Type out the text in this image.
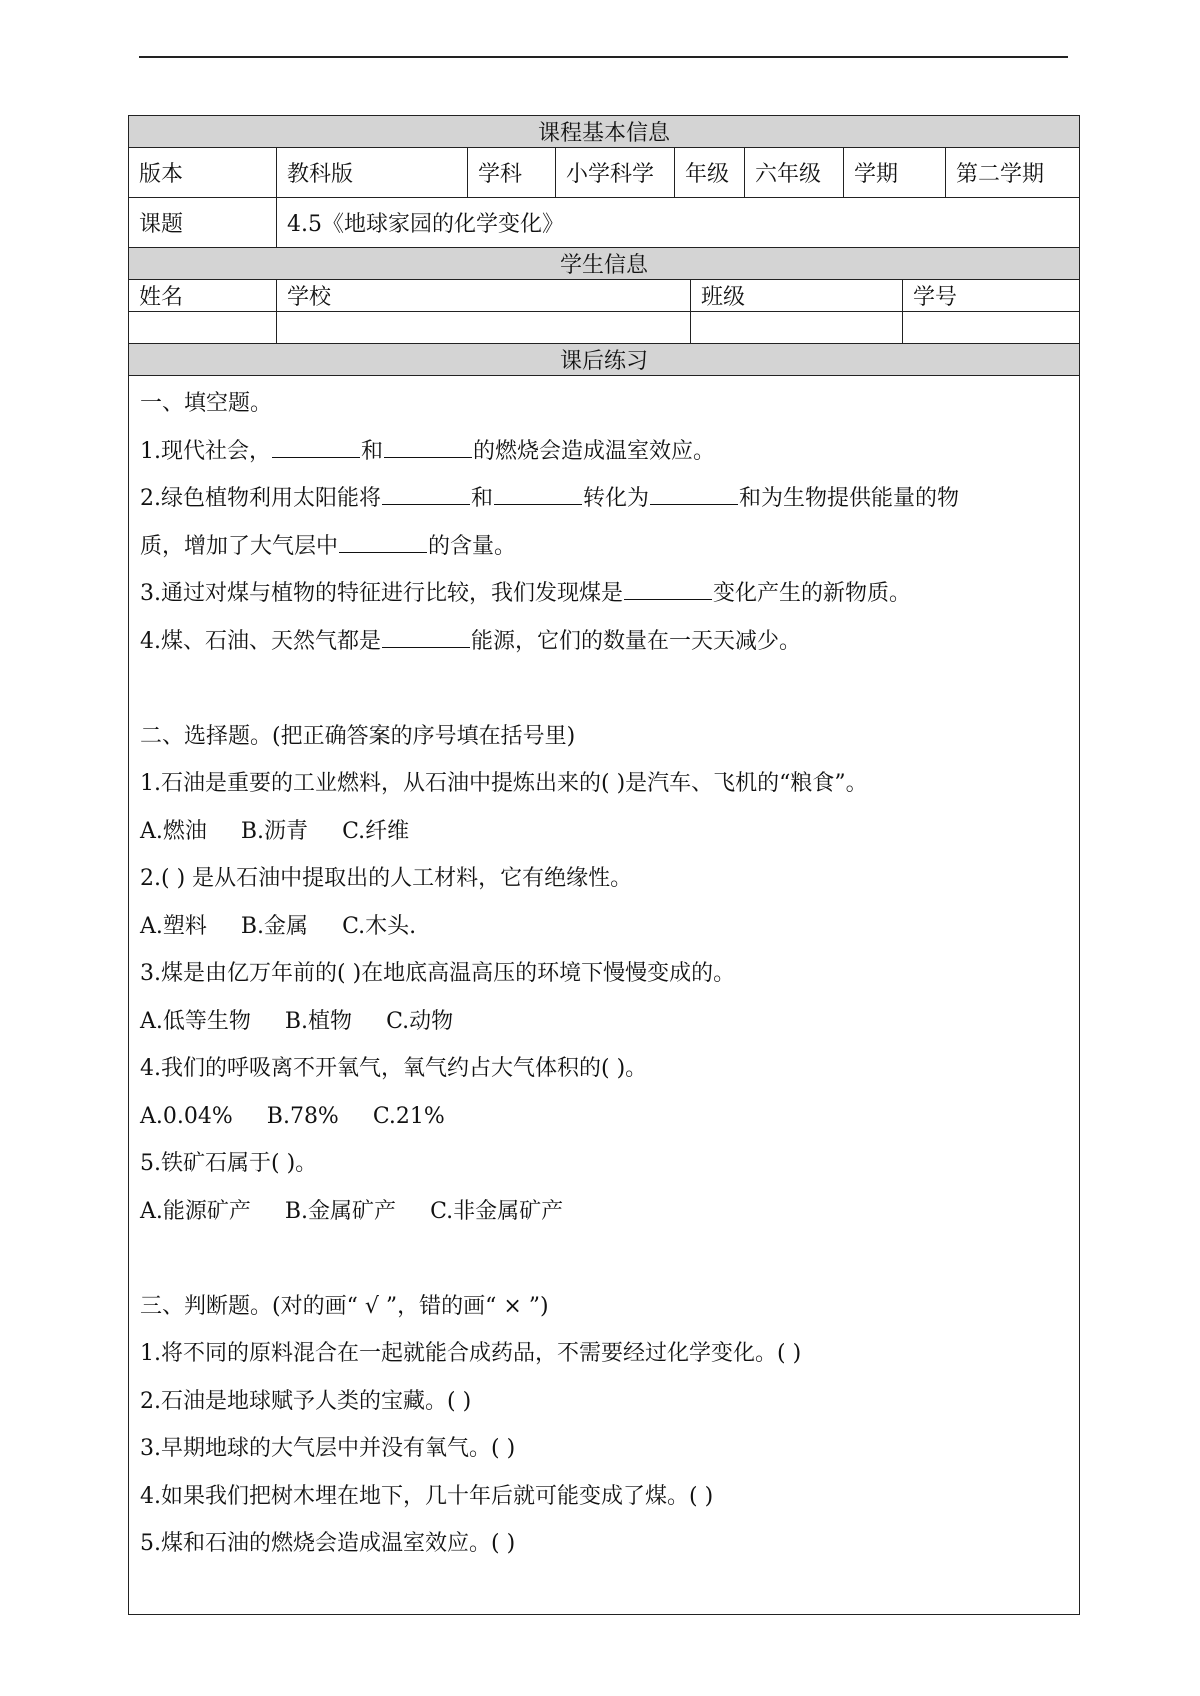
课程基本信息
版本	教科版	学科	小学科学	年级	六年级	学期	第二学期
课题	4.5《地球家园的化学变化》
学生信息
姓名	学校	班级	学号
课后练习
一、填空题。
1.现代社会，	和	的燃烧会造成温室效应。
2.绿色植物利用太阳能将	和	转化为	和为生物提供能量的物
质，增加了大气层中	的含量。
3.通过对煤与植物的特征进行比较，我们发现煤是	变化产生的新物质。
4.煤、石油、天然气都是	能源，它们的数量在一天天减少。
二、选择题。(把正确答案的序号填在括号里)
1.石油是重要的工业燃料，从石油中提炼出来的( )是汽车、飞机的“粮食”。
A.燃油 B.沥青 C.纤维
2.( ) 是从石油中提取出的人工材料，它有绝缘性。
A.塑料 B.金属 C.木头.
3.煤是由亿万年前的( )在地底高温高压的环境下慢慢变成的。
A.低等生物 B.植物 C.动物
4.我们的呼吸离不开氧气，氧气约占大气体积的( )。
A.0.04% B.78% C.21%
5.铁矿石属于( )。
A.能源矿产 B.金属矿产 C.非金属矿产
三、判断题。(对的画“ √ ”，错的画“ × ”)
1.将不同的原料混合在一起就能合成药品，不需要经过化学变化。( )
2.石油是地球赋予人类的宝藏。( )
3.早期地球的大气层中并没有氧气。( )
4.如果我们把树木埋在地下，几十年后就可能变成了煤。( )
5.煤和石油的燃烧会造成温室效应。( )
